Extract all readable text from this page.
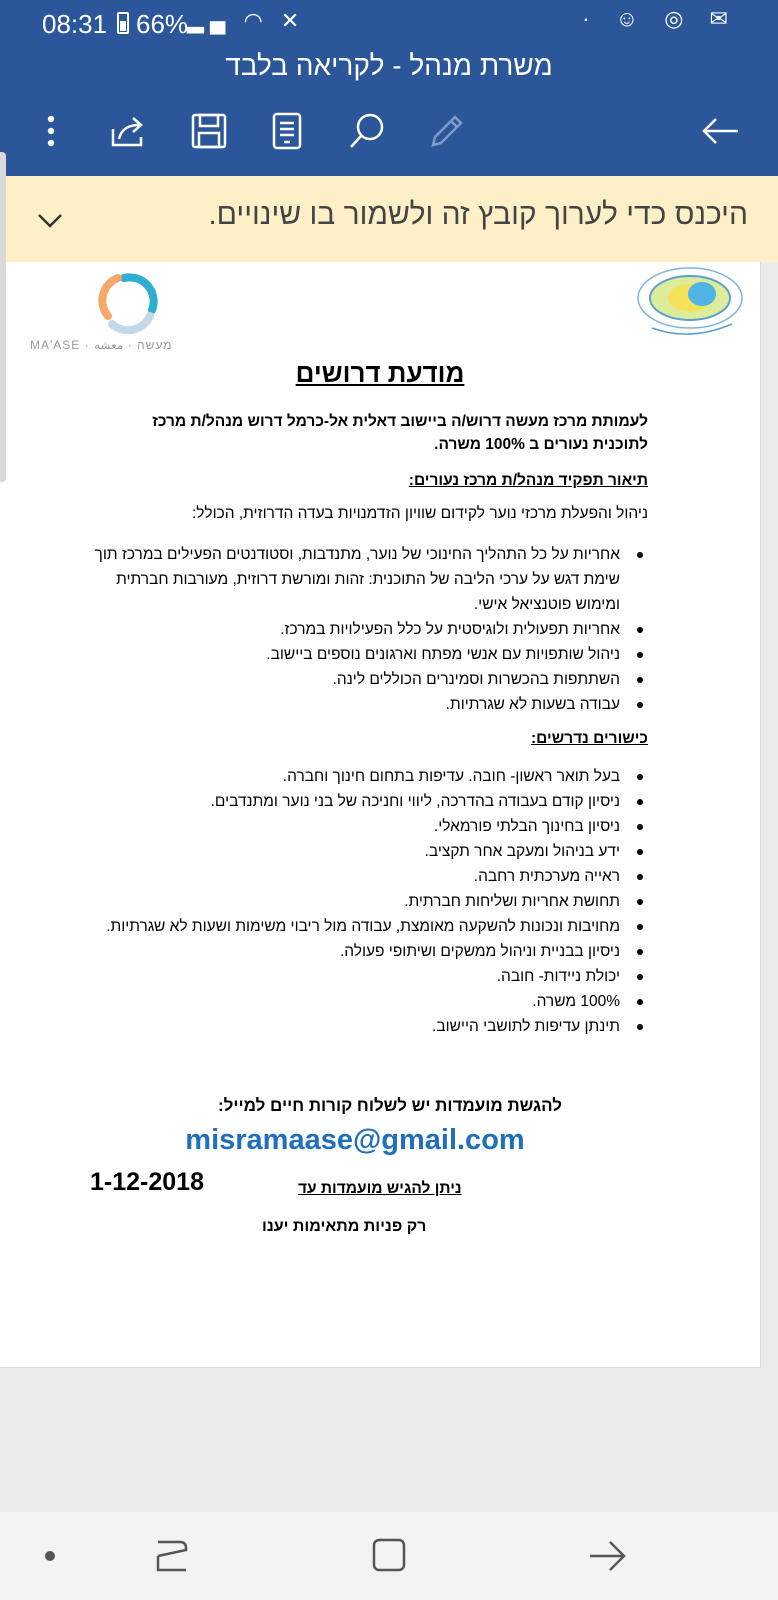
08:31 66%
▂▄ ◠ ✕	· ☺ ◎ ✉
משרת מנהל - לקריאה בלבד
היכנס כדי לערוך קובץ זה ולשמור בו שינויים.
MA'ASE · מעשה · معشه
מודעת דרושים
לעמותת מרכז מעשה דרוש/ה ביישוב דאלית אל-כרמל דרוש מנהל/ת מרכז
לתוכנית נעורים ב 100% משרה.
תיאור תפקיד מנהל/ת מרכז נעורים:
ניהול והפעלת מרכזי נוער לקידום שוויון הזדמנויות בעדה הדרוזית, הכולל:
אחריות על כל התהליך החינוכי של נוער, מתנדבות, וסטודנטים הפעילים במרכז תוך שימת דגש על ערכי הליבה של התוכנית: זהות ומורשת דרוזית, מעורבות חברתית ומימוש פוטנציאל אישי.
אחריות תפעולית ולוגיסטית על כלל הפעילויות במרכז.
ניהול שותפויות עם אנשי מפתח וארגונים נוספים ביישוב.
השתתפות בהכשרות וסמינרים הכוללים לינה.
עבודה בשעות לא שגרתיות.
כישורים נדרשים:
בעל תואר ראשון- חובה. עדיפות בתחום חינוך וחברה.
ניסיון קודם בעבודה בהדרכה, ליווי וחניכה של בני נוער ומתנדבים.
ניסיון בחינוך הבלתי פורמאלי.
ידע בניהול ומעקב אחר תקציב.
ראייה מערכתית רחבה.
תחושת אחריות ושליחות חברתית.
מחויבות ונכונות להשקעה מאומצת, עבודה מול ריבוי משימות ושעות לא שגרתיות.
ניסיון בבניית וניהול ממשקים ושיתופי פעולה.
יכולת ניידות- חובה.
100% משרה.
תינתן עדיפות לתושבי היישוב.
להגשת מועמדות יש לשלוח קורות חיים למייל:
misramaase@gmail.com
1-12-2018	ניתן להגיש מועמדות עד
רק פניות מתאימות יענו
